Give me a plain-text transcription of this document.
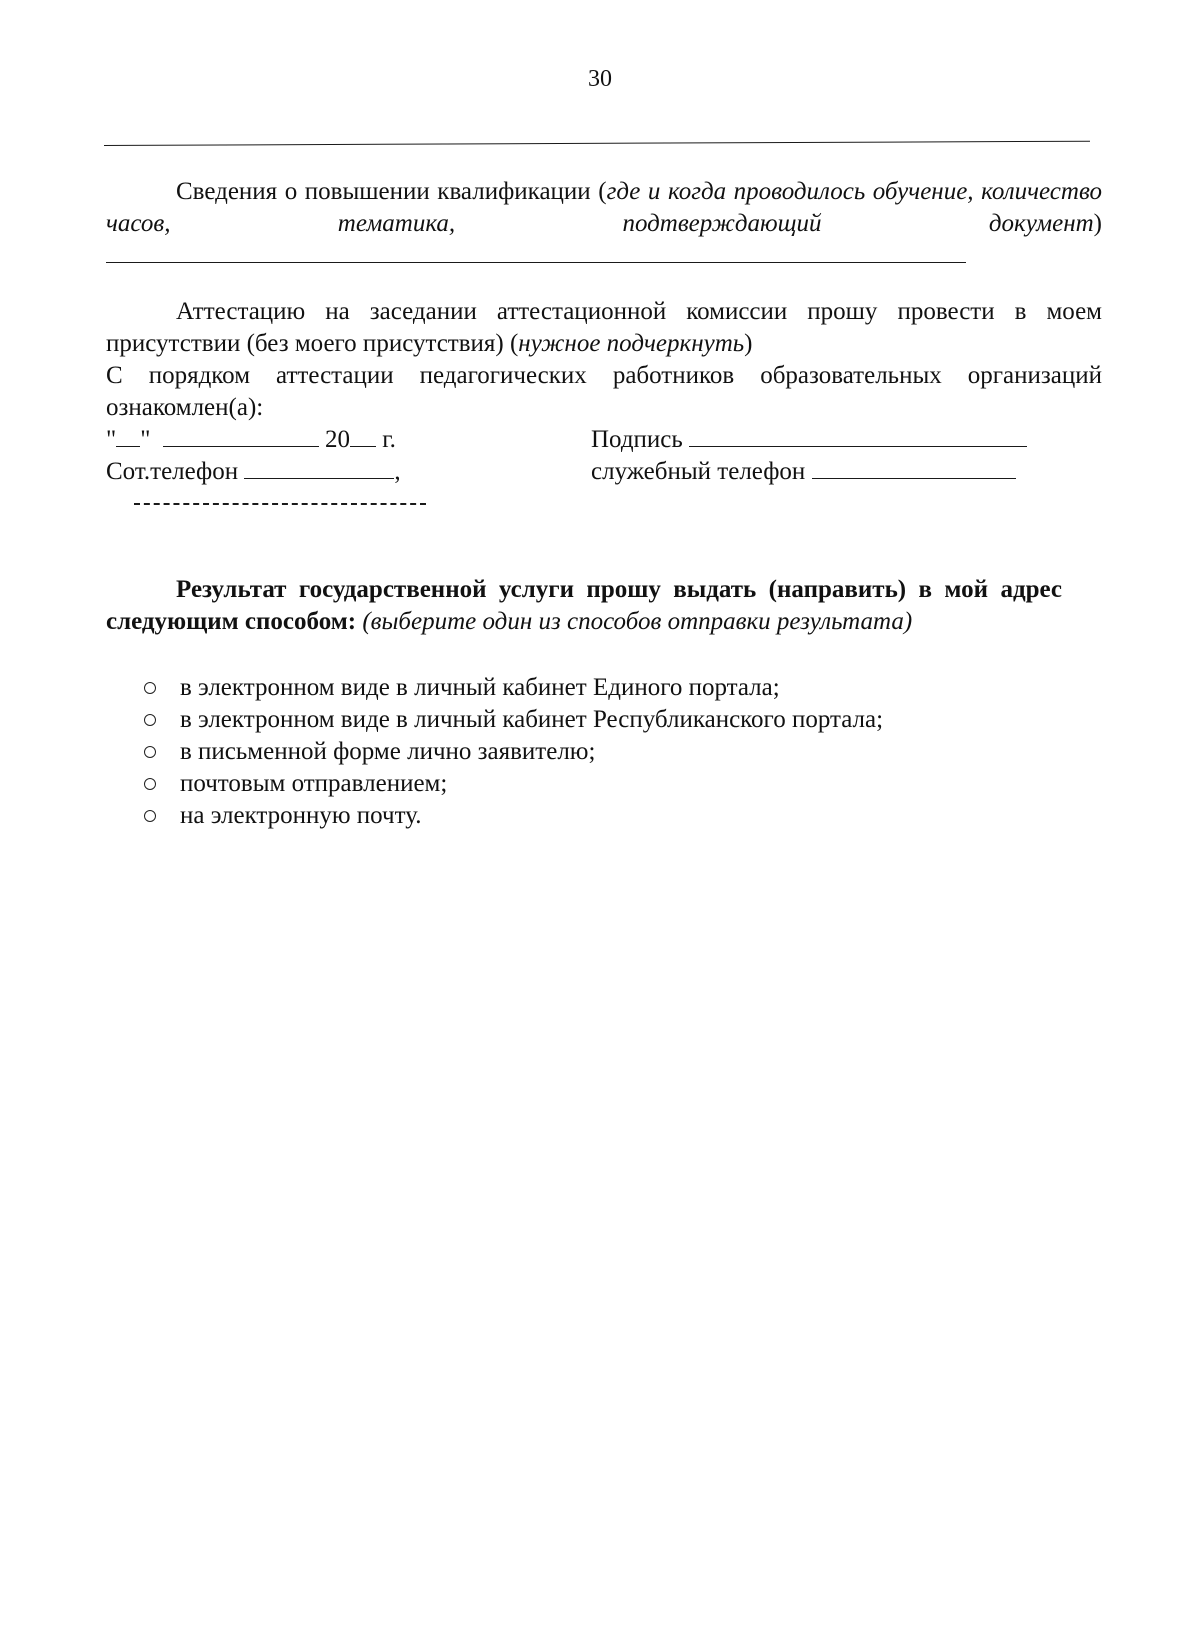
30
Сведения о повышении квалификации (где и когда проводилось обучение, количество часов, тематика, подтверждающий документ)
Аттестацию на заседании аттестационной комиссии прошу провести в моем присутствии (без моего присутствия) (нужное подчеркнуть)
С порядком аттестации педагогических работников образовательных организаций ознакомлен(а):
" "	20 г.	Подпись
Сот.телефон	,	служебный телефон
Результат государственной услуги прошу выдать (направить) в мой адрес следующим способом: (выберите один из способов отправки результата)
в электронном виде в личный кабинет Единого портала;
в электронном виде в личный кабинет Республиканского портала;
в письменной форме лично заявителю;
почтовым отправлением;
на электронную почту.
